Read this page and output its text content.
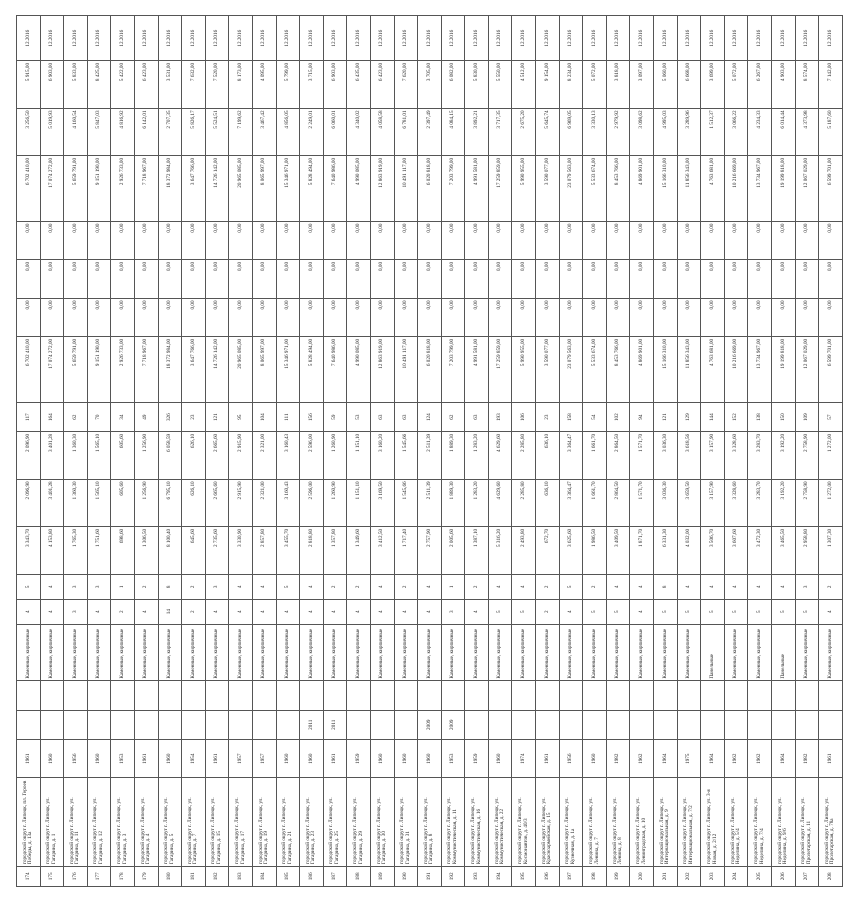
174	городской округ г. Липецк, пл. Героев Победы, д. 13а	1961			Каменные, кирпичные	4	5	3 343,70	2 096,90	2 096,90	117	6 702 410,00	0,00	0,00	0,00	6 702 410,00	3 256,50	5 915,00	12.2016
175	городской округ г. Липецк, ул. Гагарина, д. 1	1960			Каменные, кирпичные	4	4	4 153,80	3 401,28	3 401,28	164	17 074 272,00	0,00	0,00	0,00	17 074 272,00	5 019,93	6 903,00	12.2016
176	городской округ г. Липецк, ул. Гагарина, д. 11	1956			Каменные, кирпичные	3	3	1 765,30	1 360,30	1 360,30	62	5 659 791,00	0,00	0,00	0,00	5 659 791,00	4 160,54	5 833,00	12.2016
177	городской округ г. Липецк, ул. Гагарина, д. 12	1960			Каменные, кирпичные	4	3	1 751,60	1 565,10	1 565,10	70	9 151 190,00	0,00	0,00	0,00	9 151 190,00	5 847,03	8 425,00	12.2016
178	городской округ г. Липецк, ул. Гагарина, д. 3	1953			Каменные, кирпичные	2	1	698,60	605,60	605,60	34	2 926 733,00	0,00	0,00	0,00	2 926 733,00	4 816,92	5 422,00	12.2016
179	городской округ г. Липецк, ул. Гагарина, д. 4	1961			Каменные, кирпичные	4	2	1 306,50	1 256,90	1 256,90	49	7 718 967,00	0,00	0,00	0,00	7 718 967,00	6 142,01	6 423,00	12.2016
180	городской округ г. Липецк, ул. Гагарина, д. 5	1960			Каменные, кирпичные	14	8	8 100,40	6 795,10	6 058,59	326	18 372 984,00	0,00	0,00	0,00	18 372 984,00	2 707,35	3 531,00	12.2016
181	городской округ г. Липецк, ул. Гагарина, д. 7	1954			Каменные, кирпичные	2	2	645,60	626,10	626,10	23	3 647 766,00	0,00	0,00	0,00	3 647 766,00	5 826,17	7 632,00	12.2016
182	городской округ г. Липецк, ул. Гагарина, д. 15	1961			Каменные, кирпичные	4	3	2 735,60	2 665,60	2 665,60	121	14 726 142,00	0,00	0,00	0,00	14 726 142,00	5 524,51	7 520,00	12.2016
183	городской округ г. Липецк, ул. Гагарина, д. 17	1957			Каменные, кирпичные	4	4	3 330,90	2 915,90	2 915,90	95	20 965 085,00	0,00	0,00	0,00	20 965 085,00	7 199,62	8 173,00	12.2016
184	городской округ г. Липецк, ул. Гагарина, д. 19	1957			Каменные, кирпичные	4	4	2 857,80	2 321,00	2 321,00	104	8 065 997,00	0,00	0,00	0,00	8 065 997,00	3 467,42	4 095,00	12.2016
185	городской округ г. Липецк, ул. Гагарина, д. 21	1960			Каменные, кирпичные	4	5	3 455,70	3 160,43	3 160,43	111	15 346 971,00	0,00	0,00	0,00	15 346 971,00	4 856,05	5 799,00	12.2016
186	городской округ г. Липецк, ул. Гагарина, д. 23	1960	2011		Каменные, кирпичные	4	4	2 818,80	2 596,00	2 596,00	156	5 828 494,00	0,00	0,00	0,00	5 828 494,00	2 249,01	3 715,00	12.2016
187	городской округ г. Липецк, ул. Гагарина, д. 25	1961	2011		Каменные, кирпичные	4	2	1 357,80	1 260,90	1 260,90	59	7 640 986,00	0,00	0,00	0,00	7 640 986,00	6 060,01	6 903,00	12.2016
188	городской округ г. Липецк, ул. Гагарина, д. 29	1959			Каменные, кирпичные	4	2	1 349,60	1 151,10	1 151,10	53	4 990 085,00	0,00	0,00	0,00	4 990 085,00	4 340,02	6 435,00	12.2016
189	городской округ г. Липецк, ул. Гагарина, д. 30	1960			Каменные, кирпичные	4	4	3 412,50	3 169,50	3 160,20	63	12 863 919,00	0,00	0,00	0,00	12 863 919,00	4 058,58	6 423,00	12.2016
190	городской округ г. Липецк, ул. Гагарина, д. 31	1960			Каменные, кирпичные	4	2	1 717,40	1 545,66	1 545,66	63	10 491 117,00	0,00	0,00	0,00	10 491 117,00	6 781,01	7 620,00	12.2016
191	городской округ г. Липецк, ул. Гагарина, д. 8	1960	2009		Каменные, кирпичные	4	4	2 757,90	2 511,39	2 511,39	124	6 020 818,00	0,00	0,00	0,00	6 020 818,00	2 397,49	3 705,00	12.2016
192	городской округ г. Липецк, ул. Коммунистическая, д. 11	1953	2009		Каменные, кирпичные	3	1	2 005,60	1 889,30	1 889,30	62	7 203 799,00	0,00	0,00	0,00	7 203 799,00	4 084,15	6 082,00	12.2016
193	городской округ г. Липецк, ул. Коммунистическая, д. 16	1959			Каменные, кирпичные	4	2	1 387,10	1 283,20	1 283,20	63	4 991 581,00	0,00	0,00	0,00	4 991 581,00	3 892,21	5 830,00	12.2016
194	городской округ г. Липецк, ул. Коммунистическая, д. 22	1960			Каменные, кирпичные	5	4	5 316,20	4 629,60	4 629,60	193	17 259 859,00	0,00	0,00	0,00	17 259 859,00	3 717,35	5 550,00	12.2016
195	городской округ г. Липецк, ул. Космонавтов, д. 40/3	1974			Каменные, кирпичные	5	4	2 493,80	2 285,80	2 285,80	106	5 990 955,00	0,00	0,00	0,00	5 990 955,00	2 675,20	4 512,00	12.2016
196	городской округ г. Липецк, ул. Красноармейская, д. 15	1961			Каменные, кирпичные	2	2	672,70	636,10	636,10	23	3 590 077,00	0,00	0,00	0,00	3 590 077,00	5 645,74	9 154,00	12.2016
197	городской округ г. Липецк, ул. Кузнечная, д. 1а	1956			Каменные, кирпичные	4	5	3 625,60	3 364,47	3 364,47	158	23 079 563,00	0,00	0,00	0,00	23 079 563,00	6 969,05	8 234,00	12.2016
198	городской округ г. Липецк, ул. Ленина, д. 7	1960			Каменные, кирпичные	5	2	1 986,50	1 661,70	1 661,70	54	5 533 674,00	0,00	0,00	0,00	5 533 674,00	3 330,13	5 072,00	12.2016
199	городской округ г. Липецк, ул. Ленина, д. 8	1982			Каменные, кирпичные	5	4	3 409,50	2 864,50	2 864,50	102	8 453 766,00	0,00	0,00	0,00	8 453 766,00	2 979,92	3 818,00	12.2016
200	городской округ г. Липецк, ул. Ленинградская, д. 10	1962			Каменные, кирпичные	4	4	1 871,70	1 571,70	1 571,70	94	4 869 901,00	0,00	0,00	0,00	4 869 901,00	3 098,62	3 097,00	12.2016
201	городской округ г. Липецк, ул. Интернациональная, д. 9	1964			Каменные, кирпичные	5	8	6 331,30	3 036,30	3 036,30	121	15 166 310,00	0,00	0,00	0,00	15 166 310,00	4 995,03	5 060,00	12.2016
202	городской округ г. Липецк, ул. Интернациональная, д. 7/2	1975			Каменные, кирпичные	5	4	4 032,00	3 659,50	3 618,56	129	11 856 343,00	0,00	0,00	0,00	11 856 343,00	3 289,96	6 668,00	12.2016
203	городской округ г. Липецк, ул. 3-я Новая, д. 2/12	1964			Панельные	5	4	3 506,70	3 157,90	3 157,90	144	4 763 681,00	0,00	0,00	0,00	4 763 681,00	1 512,37	3 699,00	12.2016
204	городской округ г. Липецк, ул. Неделина, д. 5/4	1962			Каменные, кирпичные	5	4	3 607,60	3 328,60	3 328,60	152	10 216 669,00	0,00	0,00	0,00	10 216 669,00	3 066,22	5 072,00	12.2016
205	городской округ г. Липецк, ул. Неделина, д. 7/4	1962			Каменные, кирпичные	5	4	3 472,30	3 283,70	3 283,70	138	13 734 967,00	0,00	0,00	0,00	13 734 967,00	4 234,33	6 267,00	12.2016
206	городской округ г. Липецк, ул. Неделина, д. 9/6	1964			Панельные	5	4	3 465,50	3 192,20	3 192,20	150	19 199 818,00	0,00	0,00	0,00	19 199 818,00	6 014,44	4 903,00	12.2016
207	городской округ г. Липецк, ул. Пролетарская, д. 11	1982			Каменные, кирпичные	5	3	2 958,80	2 758,90	2 758,90	109	12 067 029,00	0,00	0,00	0,00	12 067 029,00	4 373,98	8 574,00	12.2016
208	городской округ г. Липецк, ул. Пролетарская, д. 78а	1961			Каменные, кирпичные	4	2	1 307,30	1 272,00	1 272,00	57	6 599 701,00	0,00	0,00	0,00	6 599 701,00	5 187,60	7 142,00	12.2016
